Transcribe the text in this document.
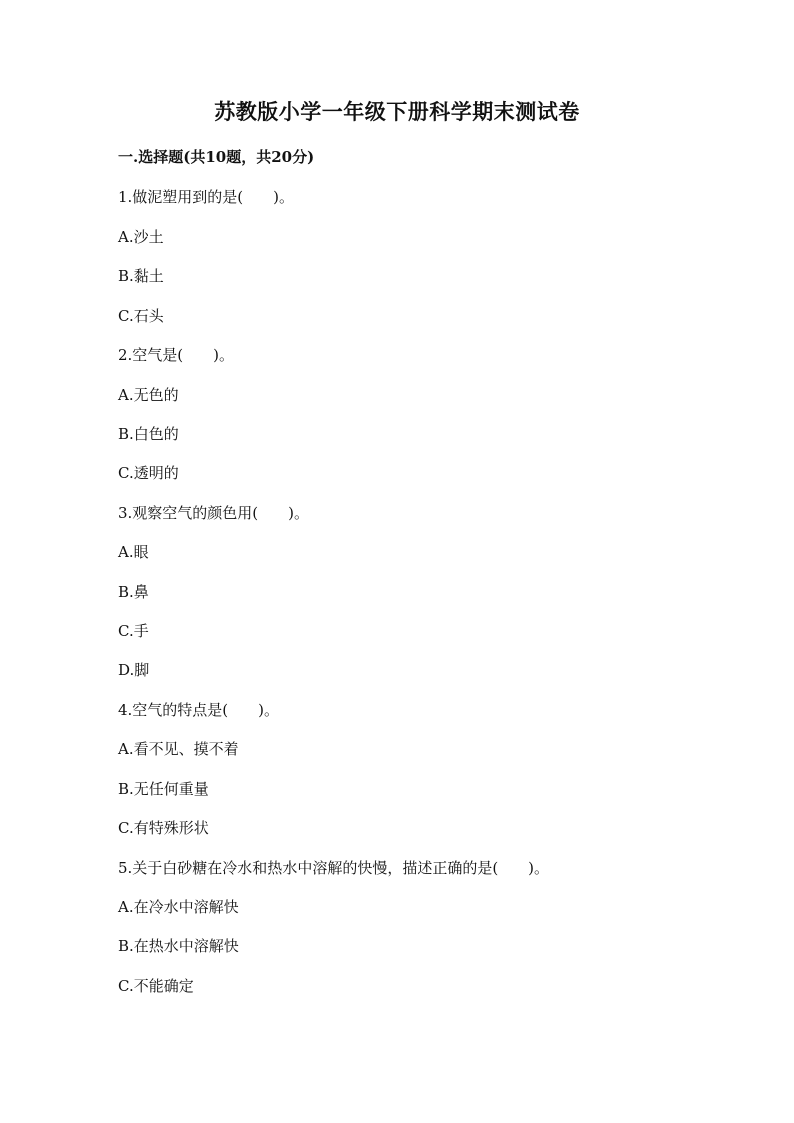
苏教版小学一年级下册科学期末测试卷
一.选择题(共10题，共20分)
1.做泥塑用到的是(　　)。
A.沙土
B.黏土
C.石头
2.空气是(　　)。
A.无色的
B.白色的
C.透明的
3.观察空气的颜色用(　　)。
A.眼
B.鼻
C.手
D.脚
4.空气的特点是(　　)。
A.看不见、摸不着
B.无任何重量
C.有特殊形状
5.关于白砂糖在冷水和热水中溶解的快慢，描述正确的是(　　)。
A.在冷水中溶解快
B.在热水中溶解快
C.不能确定
